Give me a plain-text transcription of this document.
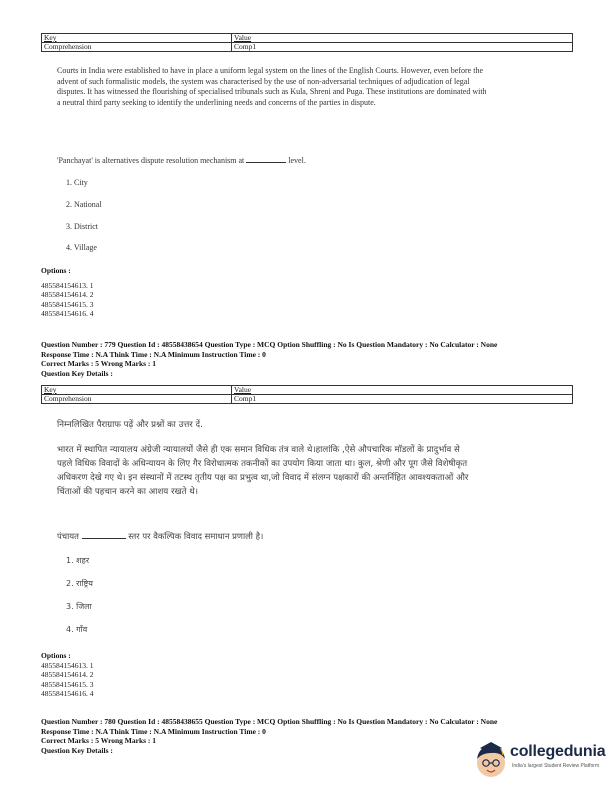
Key	Value
Comprehension	Comp1
Courts in India were established to have in place a uniform legal system on the lines of the English Courts. However, even before the advent of such formalistic models, the system was characterised by the use of non-adversarial techniques of adjudication of legal disputes. It has witnessed the flourishing of specialised tribunals such as Kula, Shreni and Puga. These institutions are dominated with a neutral third party seeking to identify the underlining needs and concerns of the parties in dispute.
'Panchayat' is alternatives dispute resolution mechanism at	level.
1. City
2. National
3. District
4. Village
Options :
485584154613. 1
485584154614. 2
485584154615. 3
485584154616. 4
Question Number : 779 Question Id : 48558438654 Question Type : MCQ Option Shuffling : No Is Question Mandatory : No Calculator : None
Response Time : N.A Think Time : N.A Minimum Instruction Time : 0
Correct Marks : 5 Wrong Marks : 1
Question Key Details :
Key	Value
Comprehension	Comp1
निम्नलिखित पैराग्राफ पढ़ें और प्रश्नों का उत्तर दें.
भारत में स्थापित न्यायालय अंग्रेजी न्यायालयों जैसे ही एक समान विधिक तंत्र वाले थे।हालांकि ,ऐसे औपचारिक मॉडलों के प्रादुर्भाव से पहले विधिक विवादों के अधिन्यायन के लिए गैर विरोधात्मक तकनीकों का उपयोग किया जाता था। कुल, श्रेणी और पूग जैसे विशेषीकृत अधिकरण देखे गए थे। इन संस्थानों में तटस्थ तृतीय पक्ष का प्रभुत्व था,जो विवाद में संलग्न पक्षकारों की अन्तर्निहित आवश्यकताओं और चिंताओं की पहचान करने का आशय रखते थे।
पंचायत	स्तर पर वैकल्पिक विवाद समाधान प्रणाली है।
1. शहर
2. राष्ट्रिय
3. जिला
4. गाँव
Options :
485584154613. 1
485584154614. 2
485584154615. 3
485584154616. 4
Question Number : 780 Question Id : 48558438655 Question Type : MCQ Option Shuffling : No Is Question Mandatory : No Calculator : None
Response Time : N.A Think Time : N.A Minimum Instruction Time : 0
Correct Marks : 5 Wrong Marks : 1
Question Key Details :	collegedunia
India's largest Student Review Platform
